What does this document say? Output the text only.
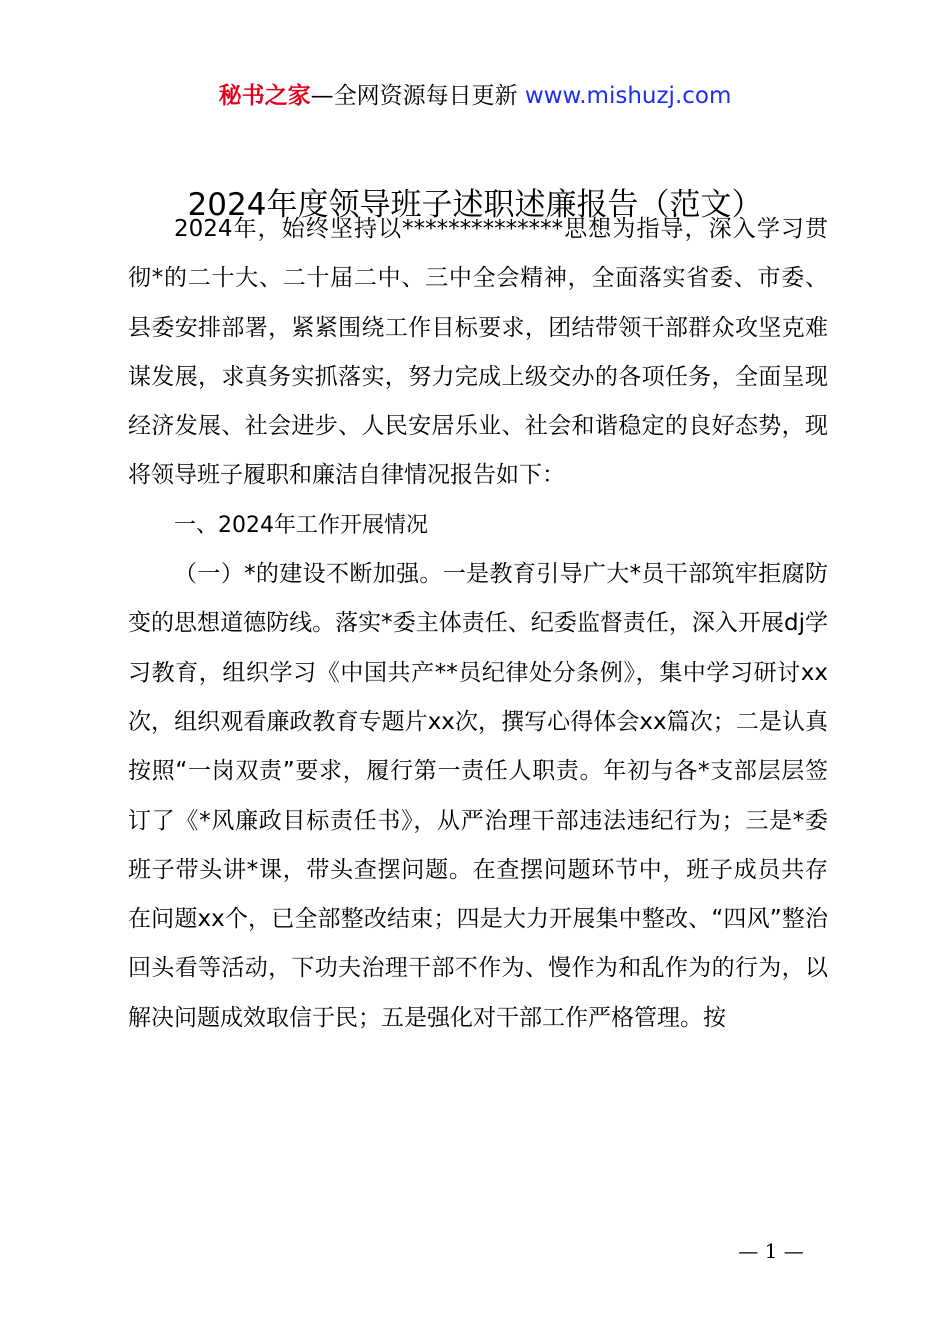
秘书之家—全网资源每日更新 www.mishuzj.com
2024年度领导班子述职述廉报告（范文）

2024年，始终坚持以**************思想为指导，深入学习贯彻*的二十大、二十届二中、三中全会精神，全面落实省委、市委、县委安排部署，紧紧围绕工作目标要求，团结带领干部群众攻坚克难谋发展，求真务实抓落实，努力完成上级交办的各项任务，全面呈现经济发展、社会进步、人民安居乐业、社会和谐稳定的良好态势，现将领导班子履职和廉洁自律情况报告如下：

一、2024年工作开展情况

（一）*的建设不断加强。一是教育引导广大*员干部筑牢拒腐防变的思想道德防线。落实*委主体责任、纪委监督责任，深入开展dj学习教育，组织学习《中国共产**员纪律处分条例》，集中学习研讨xx次，组织观看廉政教育专题片xx次，撰写心得体会xx篇次；二是认真按照“一岗双责”要求，履行第一责任人职责。年初与各*支部层层签订了《*风廉政目标责任书》，从严治理干部违法违纪行为；三是*委班子带头讲*课，带头查摆问题。在查摆问题环节中，班子成员共存在问题xx个，已全部整改结束；四是大力开展集中整改、“四风”整治回头看等活动，下功夫治理干部不作为、慢作为和乱作为的行为，以解决问题成效取信于民；五是强化对干部工作严格管理。按

— 1 —
